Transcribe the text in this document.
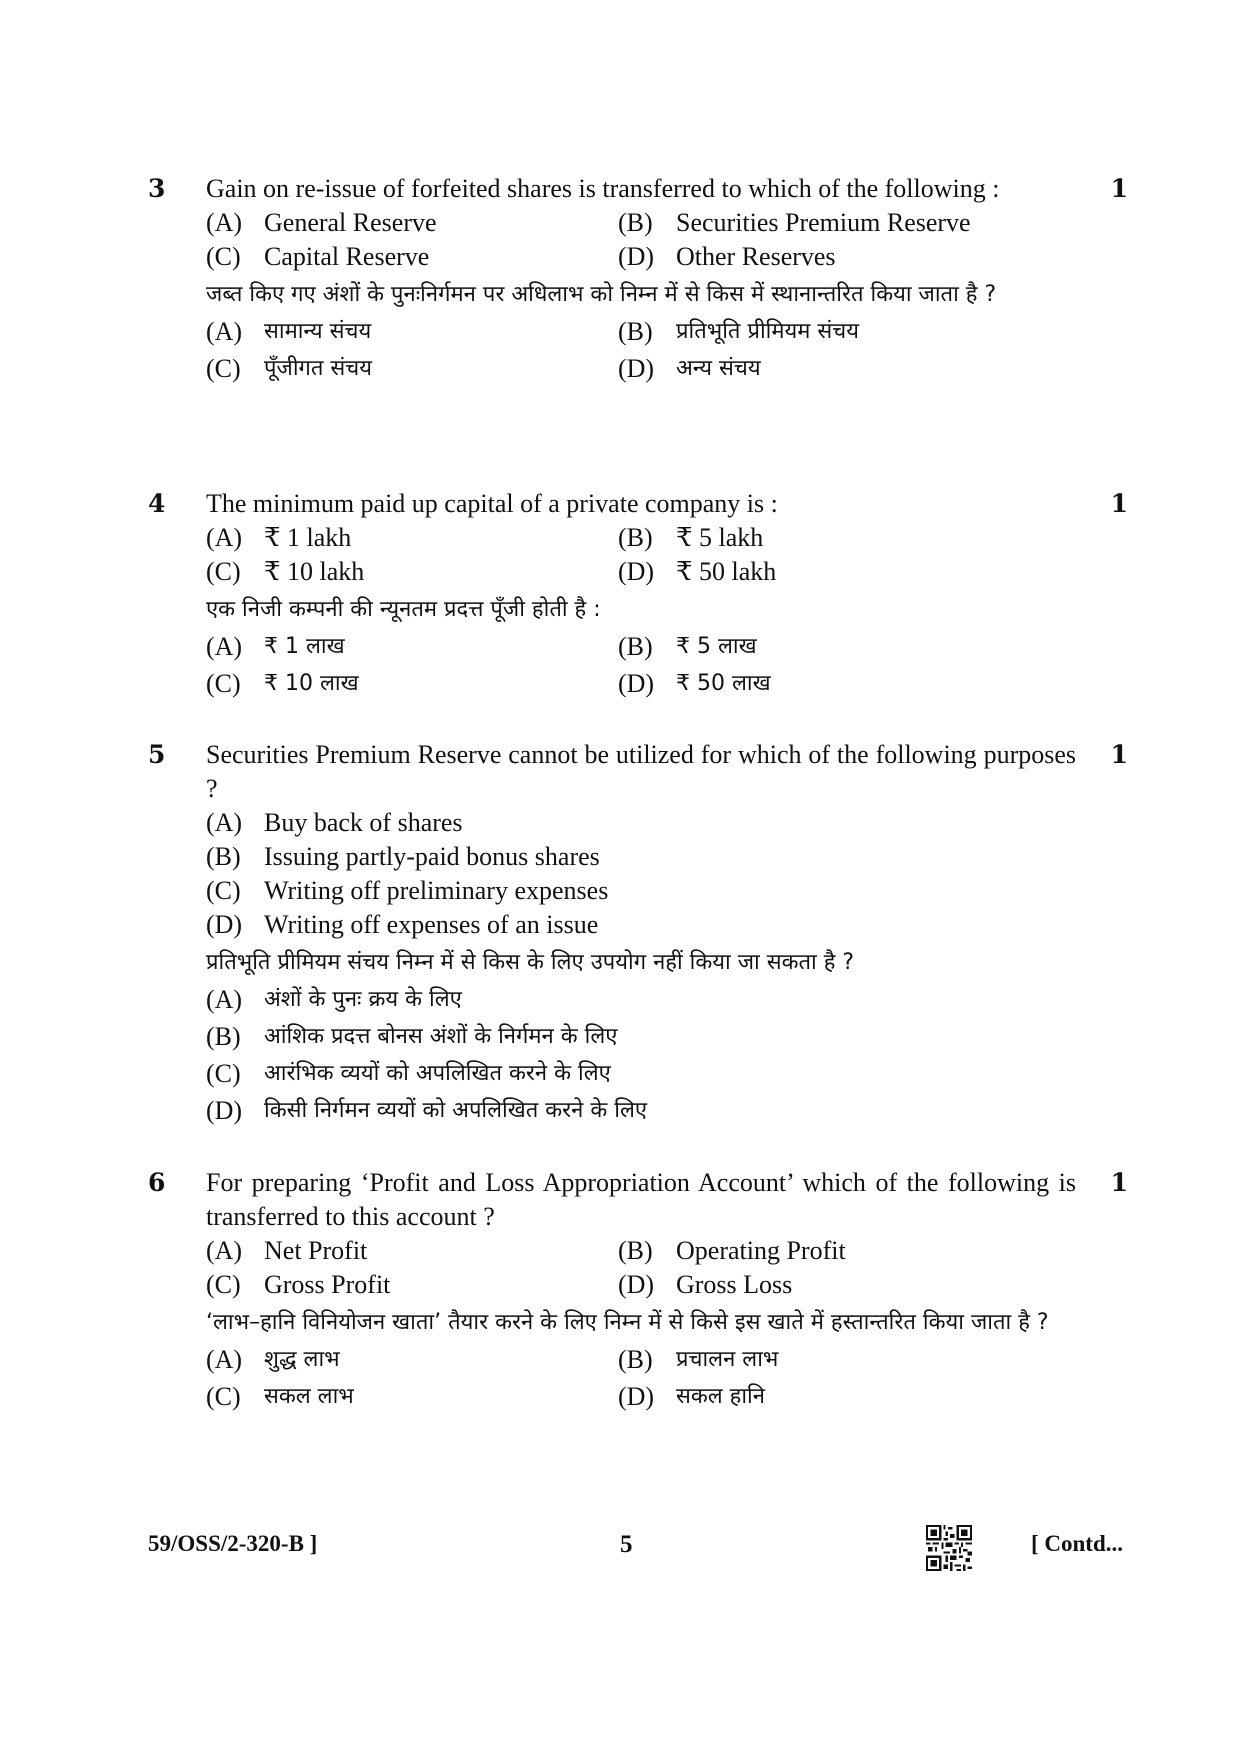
3	1
Gain on re-issue of forfeited shares is transferred to which of the following :
(A) General Reserve	(B) Securities Premium Reserve
(C) Capital Reserve	(D) Other Reserves
जब्त किए गए अंशों के पुनःनिर्गमन पर अधिलाभ को निम्न में से किस में स्थानान्तरित किया जाता है ?
(A) सामान्य संचय	(B)	प्रतिभूति प्रीमियम संचय
(C)	पूँजीगत संचय	(D) अन्य संचय
4	1
The minimum paid up capital of a private company is :
(A) ₹ 1 lakh	(B) ₹ 5 lakh
(C) ₹ 10 lakh	(D) ₹ 50 lakh
एक निजी कम्पनी की न्यूनतम प्रदत्त पूँजी होती है :
(A) ₹ 1 लाख	(B)	₹ 5 लाख
(C)	₹ 10 लाख	(D) ₹ 50 लाख
5	1
Securities Premium Reserve cannot be utilized for which of the following purposes ?
(A) Buy back of shares
(B) Issuing partly-paid bonus shares
(C) Writing off preliminary expenses
(D) Writing off expenses of an issue
प्रतिभूति प्रीमियम संचय निम्न में से किस के लिए उपयोग नहीं किया जा सकता है ?
(A) अंशों के पुनः क्रय के लिए
(B)	आंशिक प्रदत्त बोनस अंशों के निर्गमन के लिए
(C)	आरंभिक व्ययों को अपलिखित करने के लिए
(D) किसी निर्गमन व्ययों को अपलिखित करने के लिए
6	1
For preparing ‘Profit and Loss Appropriation Account’ which of the following is transferred to this account ?
(A) Net Profit	(B) Operating Profit
(C) Gross Profit	(D) Gross Loss
‘लाभ–हानि विनियोजन खाता’ तैयार करने के लिए निम्न में से किसे इस खाते में हस्तान्तरित किया जाता है ?
(A) शुद्ध लाभ	(B)	प्रचालन लाभ
(C)	सकल लाभ	(D) सकल हानि
59/OSS/2-320-B ]	5	[ Contd...
